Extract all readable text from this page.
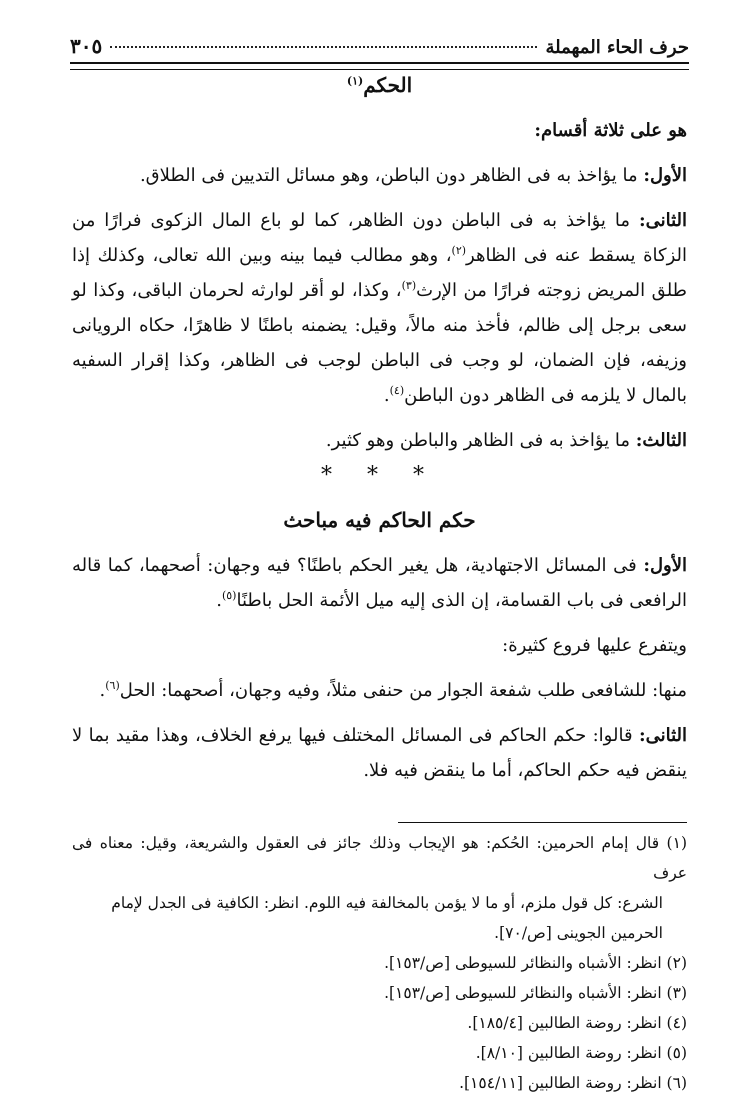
حرف الحاء المهملة
٣٠٥
الحكم$^{(١)}$

هو على ثلاثة أقسام:

الأول: ما يؤاخذ به فى الظاهر دون الباطن، وهو مسائل التديين فى الطلاق.

الثانى: ما يؤاخذ به فى الباطن دون الظاهر، كما لو باع المال الزكوى فرارًا من الزكاة يسقط عنه فى الظاهر$^{(٢)}$، وهو مطالب فيما بينه وبين الله تعالى، وكذلك إذا طلق المريض زوجته فرارًا من الإرث$^{(٣)}$، وكذا، لو أقر لوارثه لحرمان الباقى، وكذا لو سعى برجل إلى ظالم، فأخذ منه مالاً، وقيل: يضمنه باطنًا لا ظاهرًا، حكاه الرويانى وزيفه، فإن الضمان، لو وجب فى الباطن لوجب فى الظاهر، وكذا إقرار السفيه بالمال لا يلزمه فى الظاهر دون الباطن$^{(٤)}$.

الثالث: ما يؤاخذ به فى الظاهر والباطن وهو كثير.

* * *
حكم الحاكم فيه مباحث

الأول: فى المسائل الاجتهادية، هل يغير الحكم باطنًا؟ فيه وجهان: أصحهما، كما قاله الرافعى فى باب القسامة، إن الذى إليه ميل الأئمة الحل باطنًا$^{(٥)}$.

ويتفرع عليها فروع كثيرة:

منها: للشافعى طلب شفعة الجوار من حنفى مثلاً، وفيه وجهان، أصحهما: الحل$^{(٦)}$.

الثانى: قالوا: حكم الحاكم فى المسائل المختلف فيها يرفع الخلاف، وهذا مقيد بما لا ينقض فيه حكم الحاكم، أما ما ينقض فيه فلا.

(١) قال إمام الحرمين: الحُكم: هو الإيجاب وذلك جائز فى العقول والشريعة، وقيل: معناه فى عرف

الشرع: كل قول ملزم، أو ما لا يؤمن بالمخالفة فيه اللوم. انظر: الكافية فى الجدل لإمام

الحرمين الجوينى [ص/٧٠].

(٢) انظر: الأشباه والنظائر للسيوطى [ص/١٥٣].

(٣) انظر: الأشباه والنظائر للسيوطى [ص/١٥٣].

(٤) انظر: روضة الطالبين [١٨٥/٤].

(٥) انظر: روضة الطالبين [٨/١٠].

(٦) انظر: روضة الطالبين [١٥٤/١١].
